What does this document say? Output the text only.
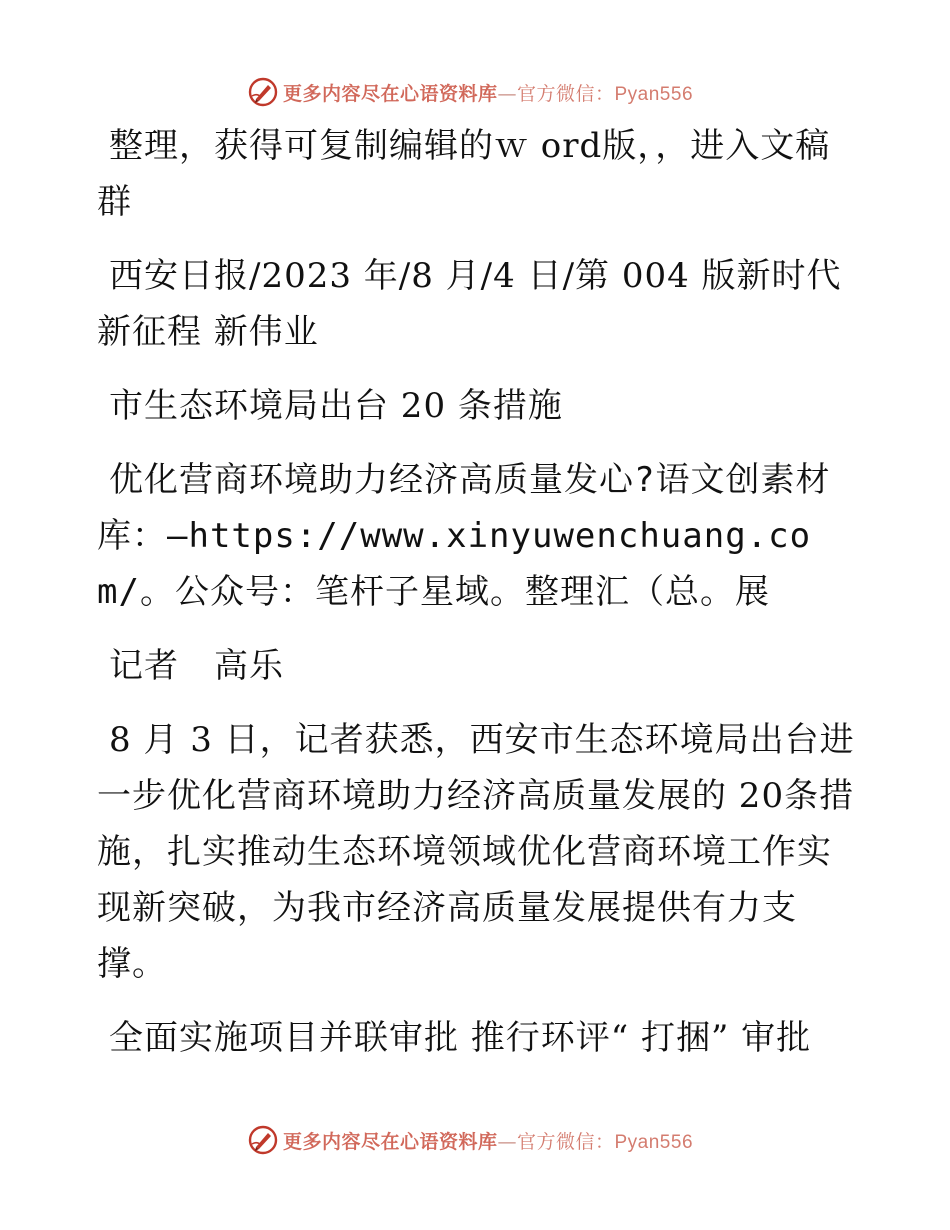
更多内容尽在心语资料库—官方微信：Pyan556

整理，获得可复制编辑的ｗ ord版，，进入文稿群

西安日报/2023 年/8 月/4 日/第 004 版新时代新征程 新伟业

市生态环境局出台 20 条措施

优化营商环境助力经济高质量发心?语文创素材库：—https://www.xinyuwenchuang.com/。公众号：笔杆子星域。整理汇（总。展

记者　高乐

8 月 3 日，记者获悉，西安市生态环境局出台进一步优化营商环境助力经济高质量发展的 20条措施，扎实推动生态环境领域优化营商环境工作实现新突破，为我市经济高质量发展提供有力支撑。

全面实施项目并联审批 推行环评“ 打捆” 审批

更多内容尽在心语资料库—官方微信：Pyan556
